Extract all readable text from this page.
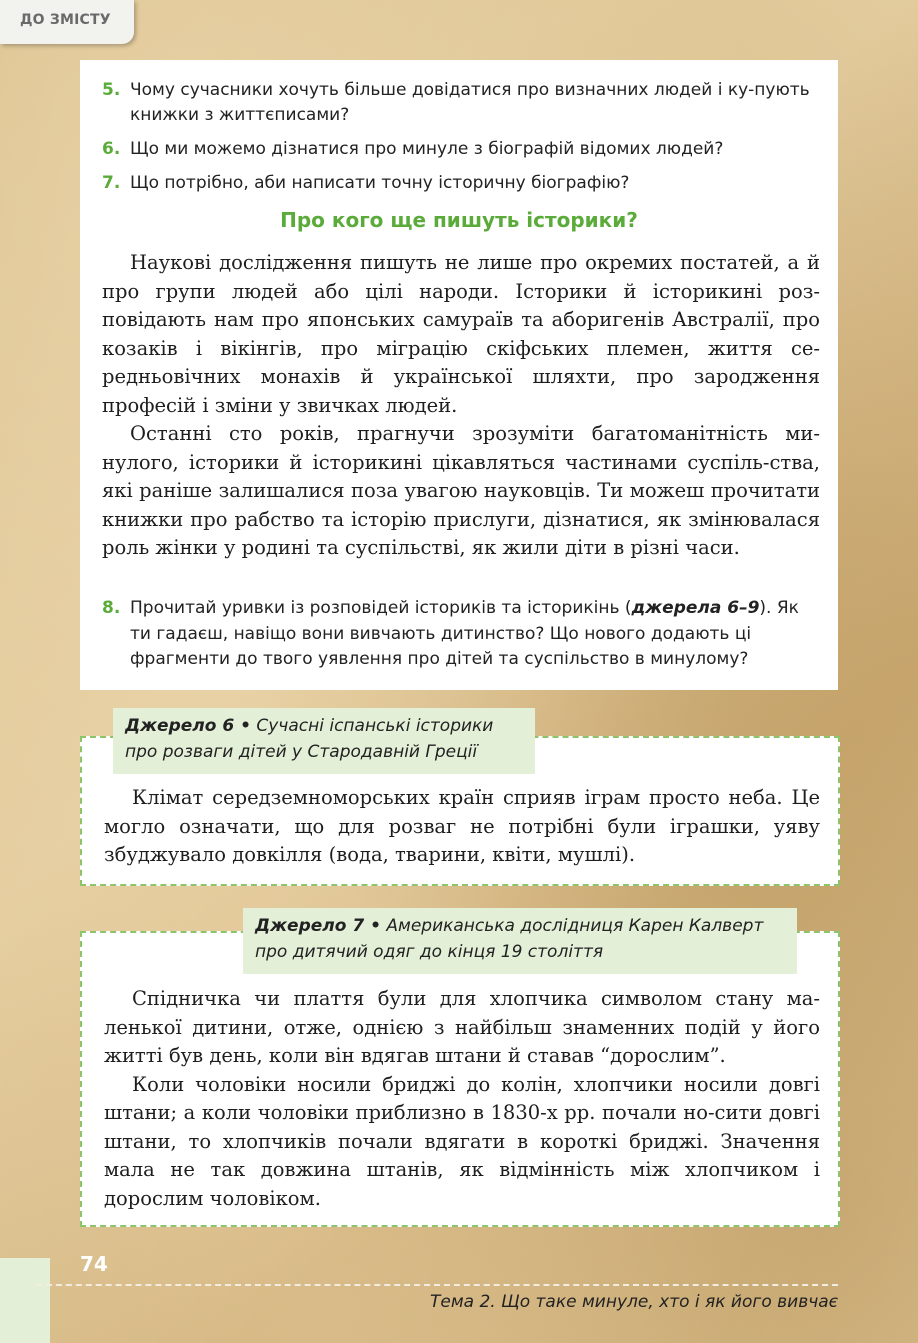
ДО ЗМІСТУ
5. Чому сучасники хочуть більше довідатися про визначних людей і ку-пують книжки з життєписами?
6. Що ми можемо дізнатися про минуле з біографій відомих людей?
7. Що потрібно, аби написати точну історичну біографію?
Про кого ще пишуть історики?

Наукові дослідження пишуть не лише про окремих постатей, а й про групи людей або цілі народи. Історики й історикині роз-повідають нам про японських самураїв та аборигенів Австралії, про козаків і вікінгів, про міграцію скіфських племен, життя се-редньовічних монахів й української шляхти, про зародження професій і зміни у звичках людей.

Останні сто років, прагнучи зрозуміти багатоманітність ми-нулого, історики й історикині цікавляться частинами суспіль-ства, які раніше залишалися поза увагою науковців. Ти можеш прочитати книжки про рабство та історію прислуги, дізнатися, як змінювалася роль жінки у родині та суспільстві, як жили діти в різні часи.

8. Прочитай уривки із розповідей істориків та історикінь (джерела 6–9). Як ти гадаєш, навіщо вони вивчають дитинство? Що нового додають ці фрагменти до твого уявлення про дітей та суспільство в минулому?

Клімат середземноморських країн сприяв іграм просто неба. Це могло означати, що для розваг не потрібні були іграшки, уяву збуджувало довкілля (вода, тварини, квіти, мушлі).

Джерело 6 • Сучасні іспанські історики про розваги дітей у Стародавній Греції

Спідничка чи плаття були для хлопчика символом стану ма-ленької дитини, отже, однією з найбільш знаменних подій у його житті був день, коли він вдягав штани й ставав “дорослим”.

Коли чоловіки носили бриджі до колін, хлопчики носили довгі штани; а коли чоловіки приблизно в 1830-х рр. почали но-сити довгі штани, то хлопчиків почали вдягати в короткі бриджі. Значення мала не так довжина штанів, як відмінність між хлопчиком і дорослим чоловіком.

Джерело 7 • Американська дослідниця Карен Калверт про дитячий одяг до кінця 19 століття
74
Тема 2. Що таке минуле, хто і як його вивчає
